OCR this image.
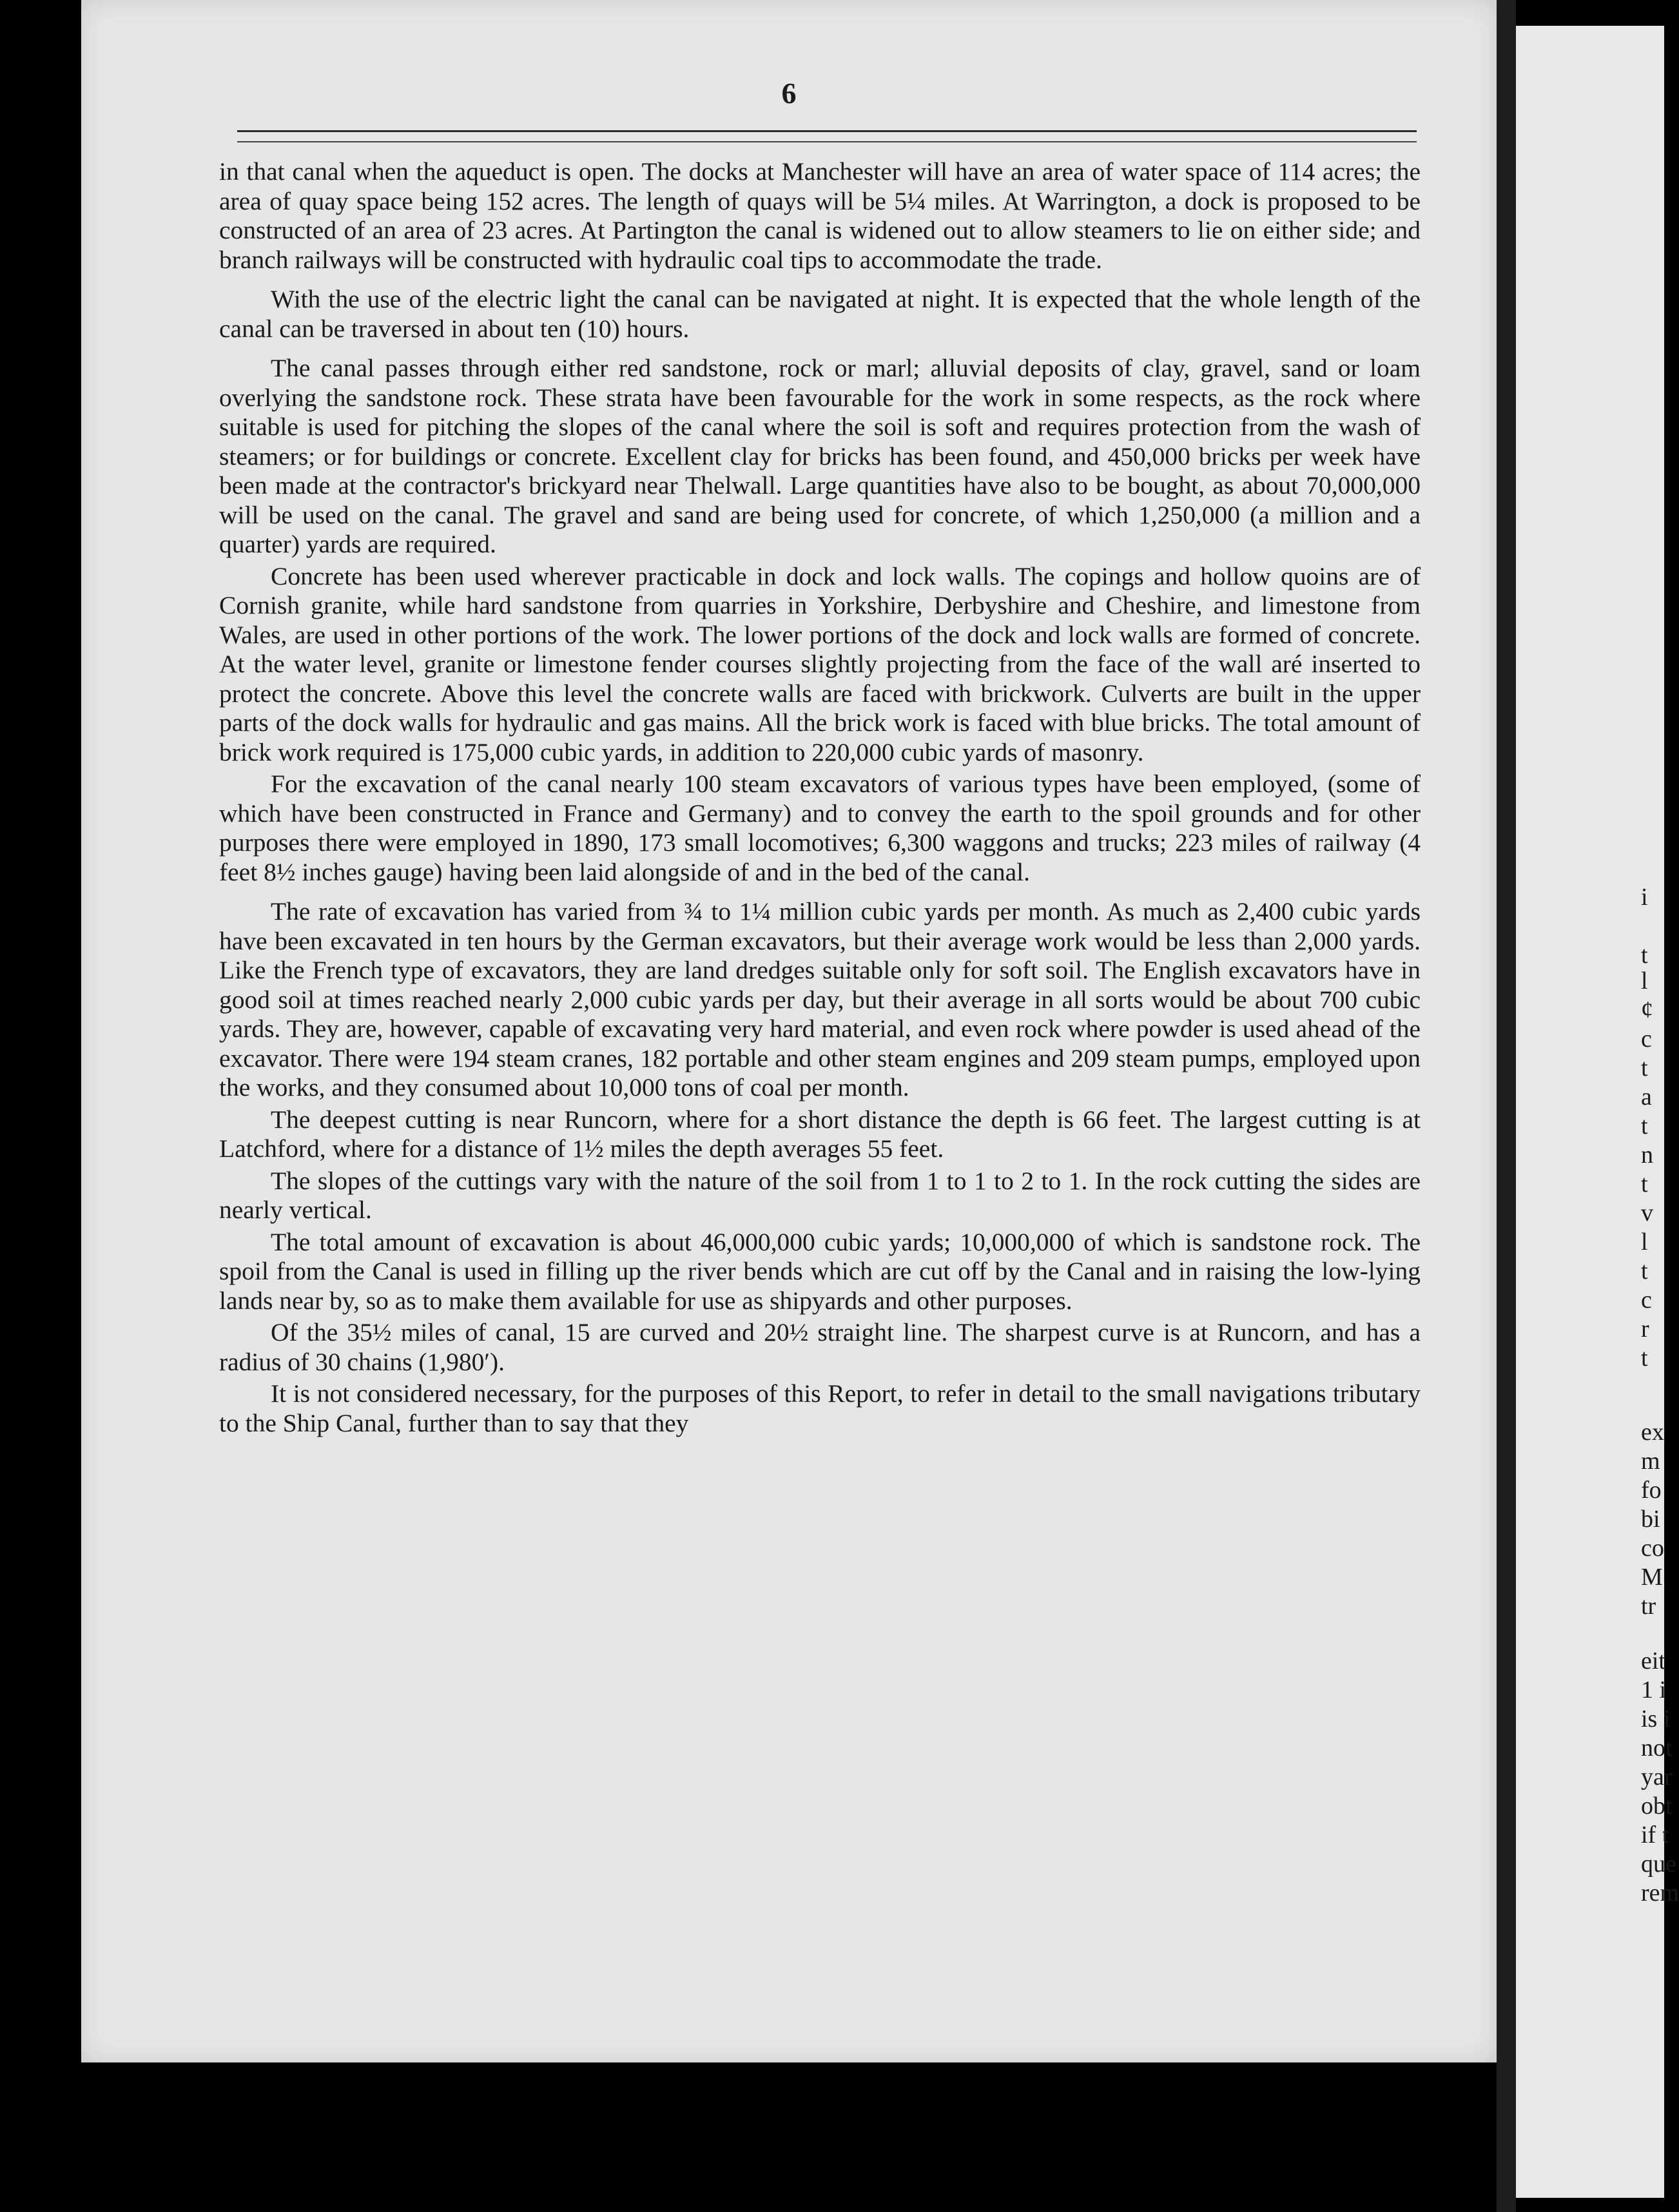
6

in that canal when the aqueduct is open. The docks at Manchester will have an area of water space of 114 acres; the area of quay space being 152 acres. The length of quays will be 5¼ miles. At Warrington, a dock is proposed to be constructed of an area of 23 acres. At Partington the canal is widened out to allow steamers to lie on either side; and branch railways will be constructed with hydraulic coal tips to accommodate the trade.

With the use of the electric light the canal can be navigated at night. It is expected that the whole length of the canal can be traversed in about ten (10) hours.

The canal passes through either red sandstone, rock or marl; alluvial deposits of clay, gravel, sand or loam overlying the sandstone rock. These strata have been favourable for the work in some respects, as the rock where suitable is used for pitching the slopes of the canal where the soil is soft and requires protection from the wash of steamers; or for buildings or concrete. Excellent clay for bricks has been found, and 450,000 bricks per week have been made at the contractor's brickyard near Thelwall. Large quantities have also to be bought, as about 70,000,000 will be used on the canal. The gravel and sand are being used for concrete, of which 1,250,000 (a million and a quarter) yards are required.

Concrete has been used wherever practicable in dock and lock walls. The copings and hollow quoins are of Cornish granite, while hard sandstone from quarries in Yorkshire, Derbyshire and Cheshire, and limestone from Wales, are used in other portions of the work. The lower portions of the dock and lock walls are formed of concrete. At the water level, granite or limestone fender courses slightly projecting from the face of the wall aré inserted to protect the concrete. Above this level the concrete walls are faced with brickwork. Culverts are built in the upper parts of the dock walls for hydraulic and gas mains. All the brick work is faced with blue bricks. The total amount of brick work required is 175,000 cubic yards, in addition to 220,000 cubic yards of masonry.

For the excavation of the canal nearly 100 steam excavators of various types have been employed, (some of which have been constructed in France and Germany) and to convey the earth to the spoil grounds and for other purposes there were employed in 1890, 173 small locomotives; 6,300 waggons and trucks; 223 miles of railway (4 feet 8½ inches gauge) having been laid alongside of and in the bed of the canal.

The rate of excavation has varied from ¾ to 1¼ million cubic yards per month. As much as 2,400 cubic yards have been excavated in ten hours by the German excavators, but their average work would be less than 2,000 yards. Like the French type of excavators, they are land dredges suitable only for soft soil. The English excavators have in good soil at times reached nearly 2,000 cubic yards per day, but their average in all sorts would be about 700 cubic yards. They are, however, capable of excavating very hard material, and even rock where powder is used ahead of the excavator. There were 194 steam cranes, 182 portable and other steam engines and 209 steam pumps, employed upon the works, and they consumed about 10,000 tons of coal per month.

The deepest cutting is near Runcorn, where for a short distance the depth is 66 feet. The largest cutting is at Latchford, where for a distance of 1½ miles the depth averages 55 feet.

The slopes of the cuttings vary with the nature of the soil from 1 to 1 to 2 to 1. In the rock cutting the sides are nearly vertical.

The total amount of excavation is about 46,000,000 cubic yards; 10,000,000 of which is sandstone rock. The spoil from the Canal is used in filling up the river bends which are cut off by the Canal and in raising the low-lying lands near by, so as to make them available for use as shipyards and other purposes.

Of the 35½ miles of canal, 15 are curved and 20½ straight line. The sharpest curve is at Runcorn, and has a radius of 30 chains (1,980′).

It is not considered necessary, for the purposes of this Report, to refer in detail to the small navigations tributary to the Ship Canal, further than to say that they

i
t
l
¢
c
t
a
t
n
t
v
l
t
c
r
t
ex
m
fo
bi
co
M
tr
eit
1 i
is i
not
yar
obt
if t
que
rem
